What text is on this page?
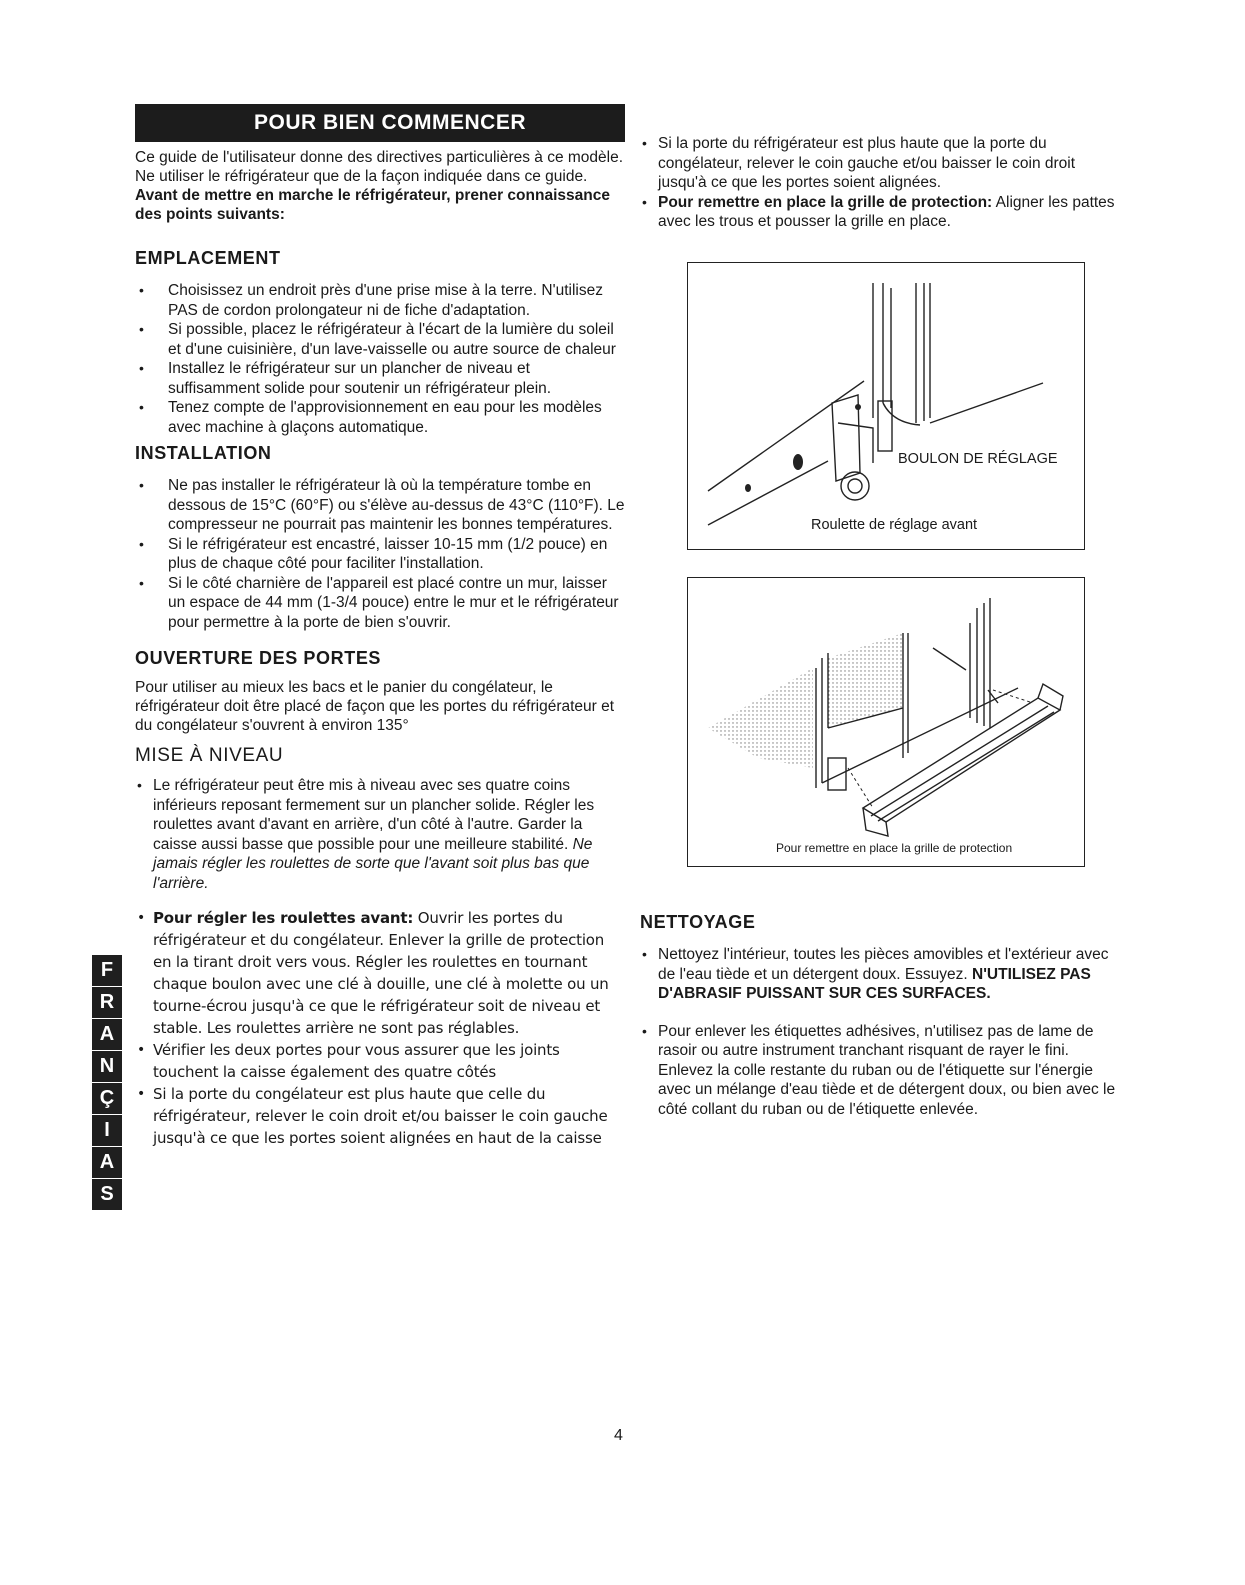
POUR BIEN COMMENCER

Ce guide de l'utilisateur donne des directives particulières à ce modèle. Ne utiliser le réfrigérateur que de la façon indiquée dans ce guide. Avant de mettre en marche le réfrigérateur, prener connaissance des points suivants:

EMPLACEMENT
• Choisissez un endroit près d'une prise mise à la terre. N'utilisez PAS de cordon prolongateur ni de fiche d'adaptation.
• Si possible, placez le réfrigérateur à l'écart de la lumière du soleil et d'une cuisinière, d'un lave-vaisselle ou autre source de chaleur
• Installez le réfrigérateur sur un plancher de niveau et suffisamment solide pour soutenir un réfrigérateur plein.
• Tenez compte de l'approvisionnement en eau pour les modèles avec machine à glaçons automatique.
INSTALLATION
• Ne pas installer le réfrigérateur là où la température tombe en dessous de 15°C (60°F) ou s'élève au-dessus de 43°C (110°F). Le compresseur ne pourrait pas maintenir les bonnes températures.
• Si le réfrigérateur est encastré, laisser 10-15 mm (1/2 pouce) en plus de chaque côté pour faciliter l'installation.
• Si le côté charnière de l'appareil est placé contre un mur, laisser un espace de 44 mm (1-3/4 pouce) entre le mur et le réfrigérateur pour permettre à la porte de bien s'ouvrir.
OUVERTURE DES PORTES

Pour utiliser au mieux les bacs et le panier du congélateur, le réfrigérateur doit être placé de façon que les portes du réfrigérateur et du congélateur s'ouvrent à environ 135°

MISE À NIVEAU
• Le réfrigérateur peut être mis à niveau avec ses quatre coins inférieurs reposant fermement sur un plancher solide. Régler les roulettes avant d'avant en arrière, d'un côté à l'autre. Garder la caisse aussi basse que possible pour une meilleure stabilité. Ne jamais régler les roulettes de sorte que l'avant soit plus bas que l'arrière.
• Pour régler les roulettes avant: Ouvrir les portes du réfrigérateur et du congélateur. Enlever la grille de protection en la tirant droit vers vous. Régler les roulettes en tournant chaque boulon avec une clé à douille, une clé à molette ou un tourne-écrou jusqu'à ce que le réfrigérateur soit de niveau et stable. Les roulettes arrière ne sont pas réglables.
• Vérifier les deux portes pour vous assurer que les joints touchent la caisse également des quatre côtés
• Si la porte du congélateur est plus haute que celle du réfrigérateur, relever le coin droit et/ou baisser le coin gauche jusqu'à ce que les portes soient alignées en haut de la caisse
• Si la porte du réfrigérateur est plus haute que la porte du congélateur, relever le coin gauche et/ou baisser le coin droit jusqu'à ce que les portes soient alignées.
• Pour remettre en place la grille de protection: Aligner les pattes avec les trous et pousser la grille en place.
BOULON DE RÉGLAGE
Roulette de réglage avant
Pour remettre en place la grille de protection
NETTOYAGE
• Nettoyez l'intérieur, toutes les pièces amovibles et l'extérieur avec de l'eau tiède et un détergent doux. Essuyez. N'UTILISEZ PAS D'ABRASIF PUISSANT SUR CES SURFACES.
• Pour enlever les étiquettes adhésives, n'utilisez pas de lame de rasoir ou autre instrument tranchant risquant de rayer le fini. Enlevez la colle restante du ruban ou de l'étiquette sur l'énergie avec un mélange d'eau tiède et de détergent doux, ou bien avec le côté collant du ruban ou de l'étiquette enlevée.
F
R
A
N
Ç
I
A
S
4
